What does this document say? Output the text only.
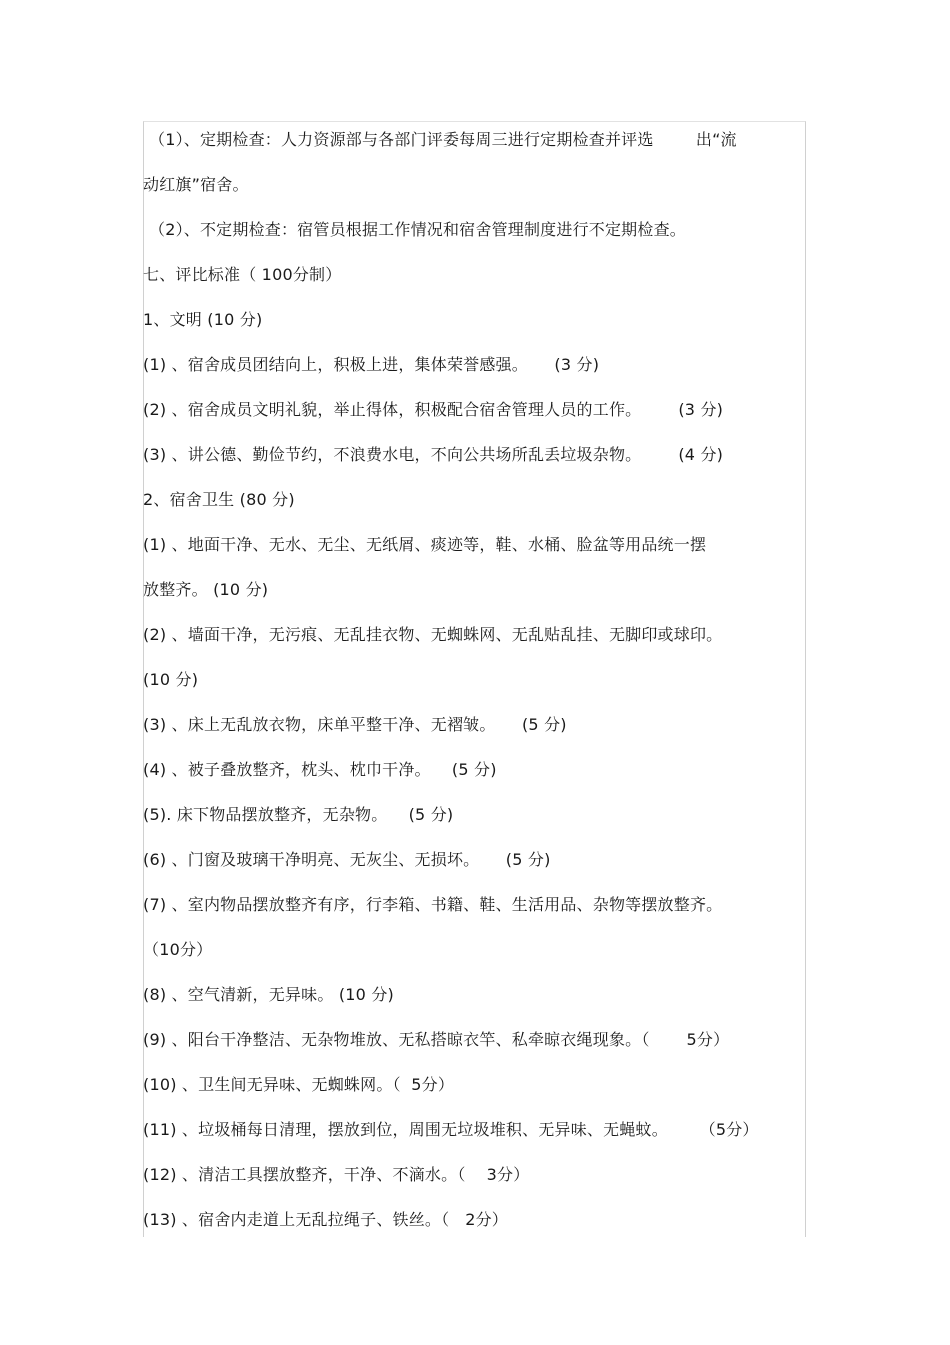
（1）、定期检查：人力资源部与各部门评委每周三进行定期检查并评选        出“流
动红旗”宿舍。
（2）、不定期检查：宿管员根据工作情况和宿舍管理制度进行不定期检查。
七、评比标准（ 100分制）
1、文明 (10 分)
(1) 、宿舍成员团结向上，积极上进，集体荣誉感强。     (3 分)
(2) 、宿舍成员文明礼貌，举止得体，积极配合宿舍管理人员的工作。       (3 分)
(3) 、讲公德、勤俭节约，不浪费水电，不向公共场所乱丢垃圾杂物。       (4 分)
2、宿舍卫生 (80 分)
(1) 、地面干净、无水、无尘、无纸屑、痰迹等，鞋、水桶、脸盆等用品统一摆
放整齐。 (10 分)
(2) 、墙面干净，无污痕、无乱挂衣物、无蜘蛛网、无乱贴乱挂、无脚印或球印。
(10 分)
(3) 、床上无乱放衣物，床单平整干净、无褶皱。     (5 分)
(4) 、被子叠放整齐，枕头、枕巾干净。    (5 分)
(5). 床下物品摆放整齐，无杂物。    (5 分)
(6) 、门窗及玻璃干净明亮、无灰尘、无损坏。     (5 分)
(7) 、室内物品摆放整齐有序，行李箱、书籍、鞋、生活用品、杂物等摆放整齐。
（10分）
(8) 、空气清新，无异味。 (10 分)
(9) 、阳台干净整洁、无杂物堆放、无私搭晾衣竿、私牵晾衣绳现象。（       5分）
(10) 、卫生间无异味、无蜘蛛网。（  5分）
(11) 、垃圾桶每日清理，摆放到位，周围无垃圾堆积、无异味、无蝇蚊。      （5分）
(12) 、清洁工具摆放整齐，干净、不滴水。（    3分）
(13) 、宿舍内走道上无乱拉绳子、铁丝。（   2分）
